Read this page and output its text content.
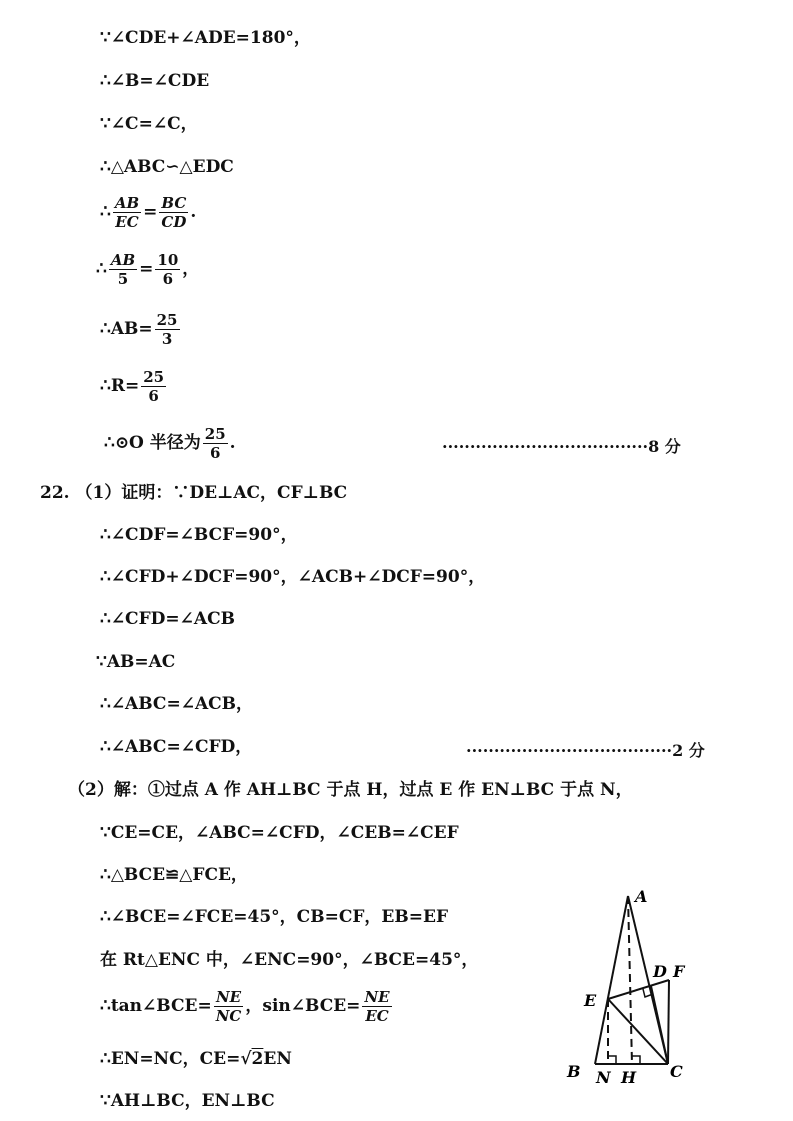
∵∠CDE+∠ADE=180°，
∴∠B=∠CDE
∵∠C=∠C，
∴△ABC∽△EDC
∴ $\frac{AB}{EC} = \frac{BC}{CD}$ .
∴ $\frac{AB}{5} = \frac{10}{6}$ ，
∴AB= $\frac{25}{3}$
∴R= $\frac{25}{6}$
∴⊙O 半径为 $\frac{25}{6}$ .	·····································8 分
22. （1）证明：∵DE⊥AC，CF⊥BC
∴∠CDF=∠BCF=90°，
∴∠CFD+∠DCF=90°，∠ACB+∠DCF=90°，
∴∠CFD=∠ACB
∵AB=AC
∴∠ABC=∠ACB，
∴∠ABC=∠CFD，	·····································2 分
（2）解：①过点 A 作 AH⊥BC 于点 H，过点 E 作 EN⊥BC 于点 N，
∵CE=CE，∠ABC=∠CFD，∠CEB=∠CEF
∴△BCE≌△FCE，
∴∠BCE=∠FCE=45°，CB=CF，EB=EF
在 Rt△ENC 中，∠ENC=90°，∠BCE=45°，
∴tan∠BCE= $\frac{NE}{NC}$ ，sin∠BCE= $\frac{NE}{EC}$
∴EN=NC，CE=√2EN
∵AH⊥BC，EN⊥BC
A
B	C
D
E
F
H
N
